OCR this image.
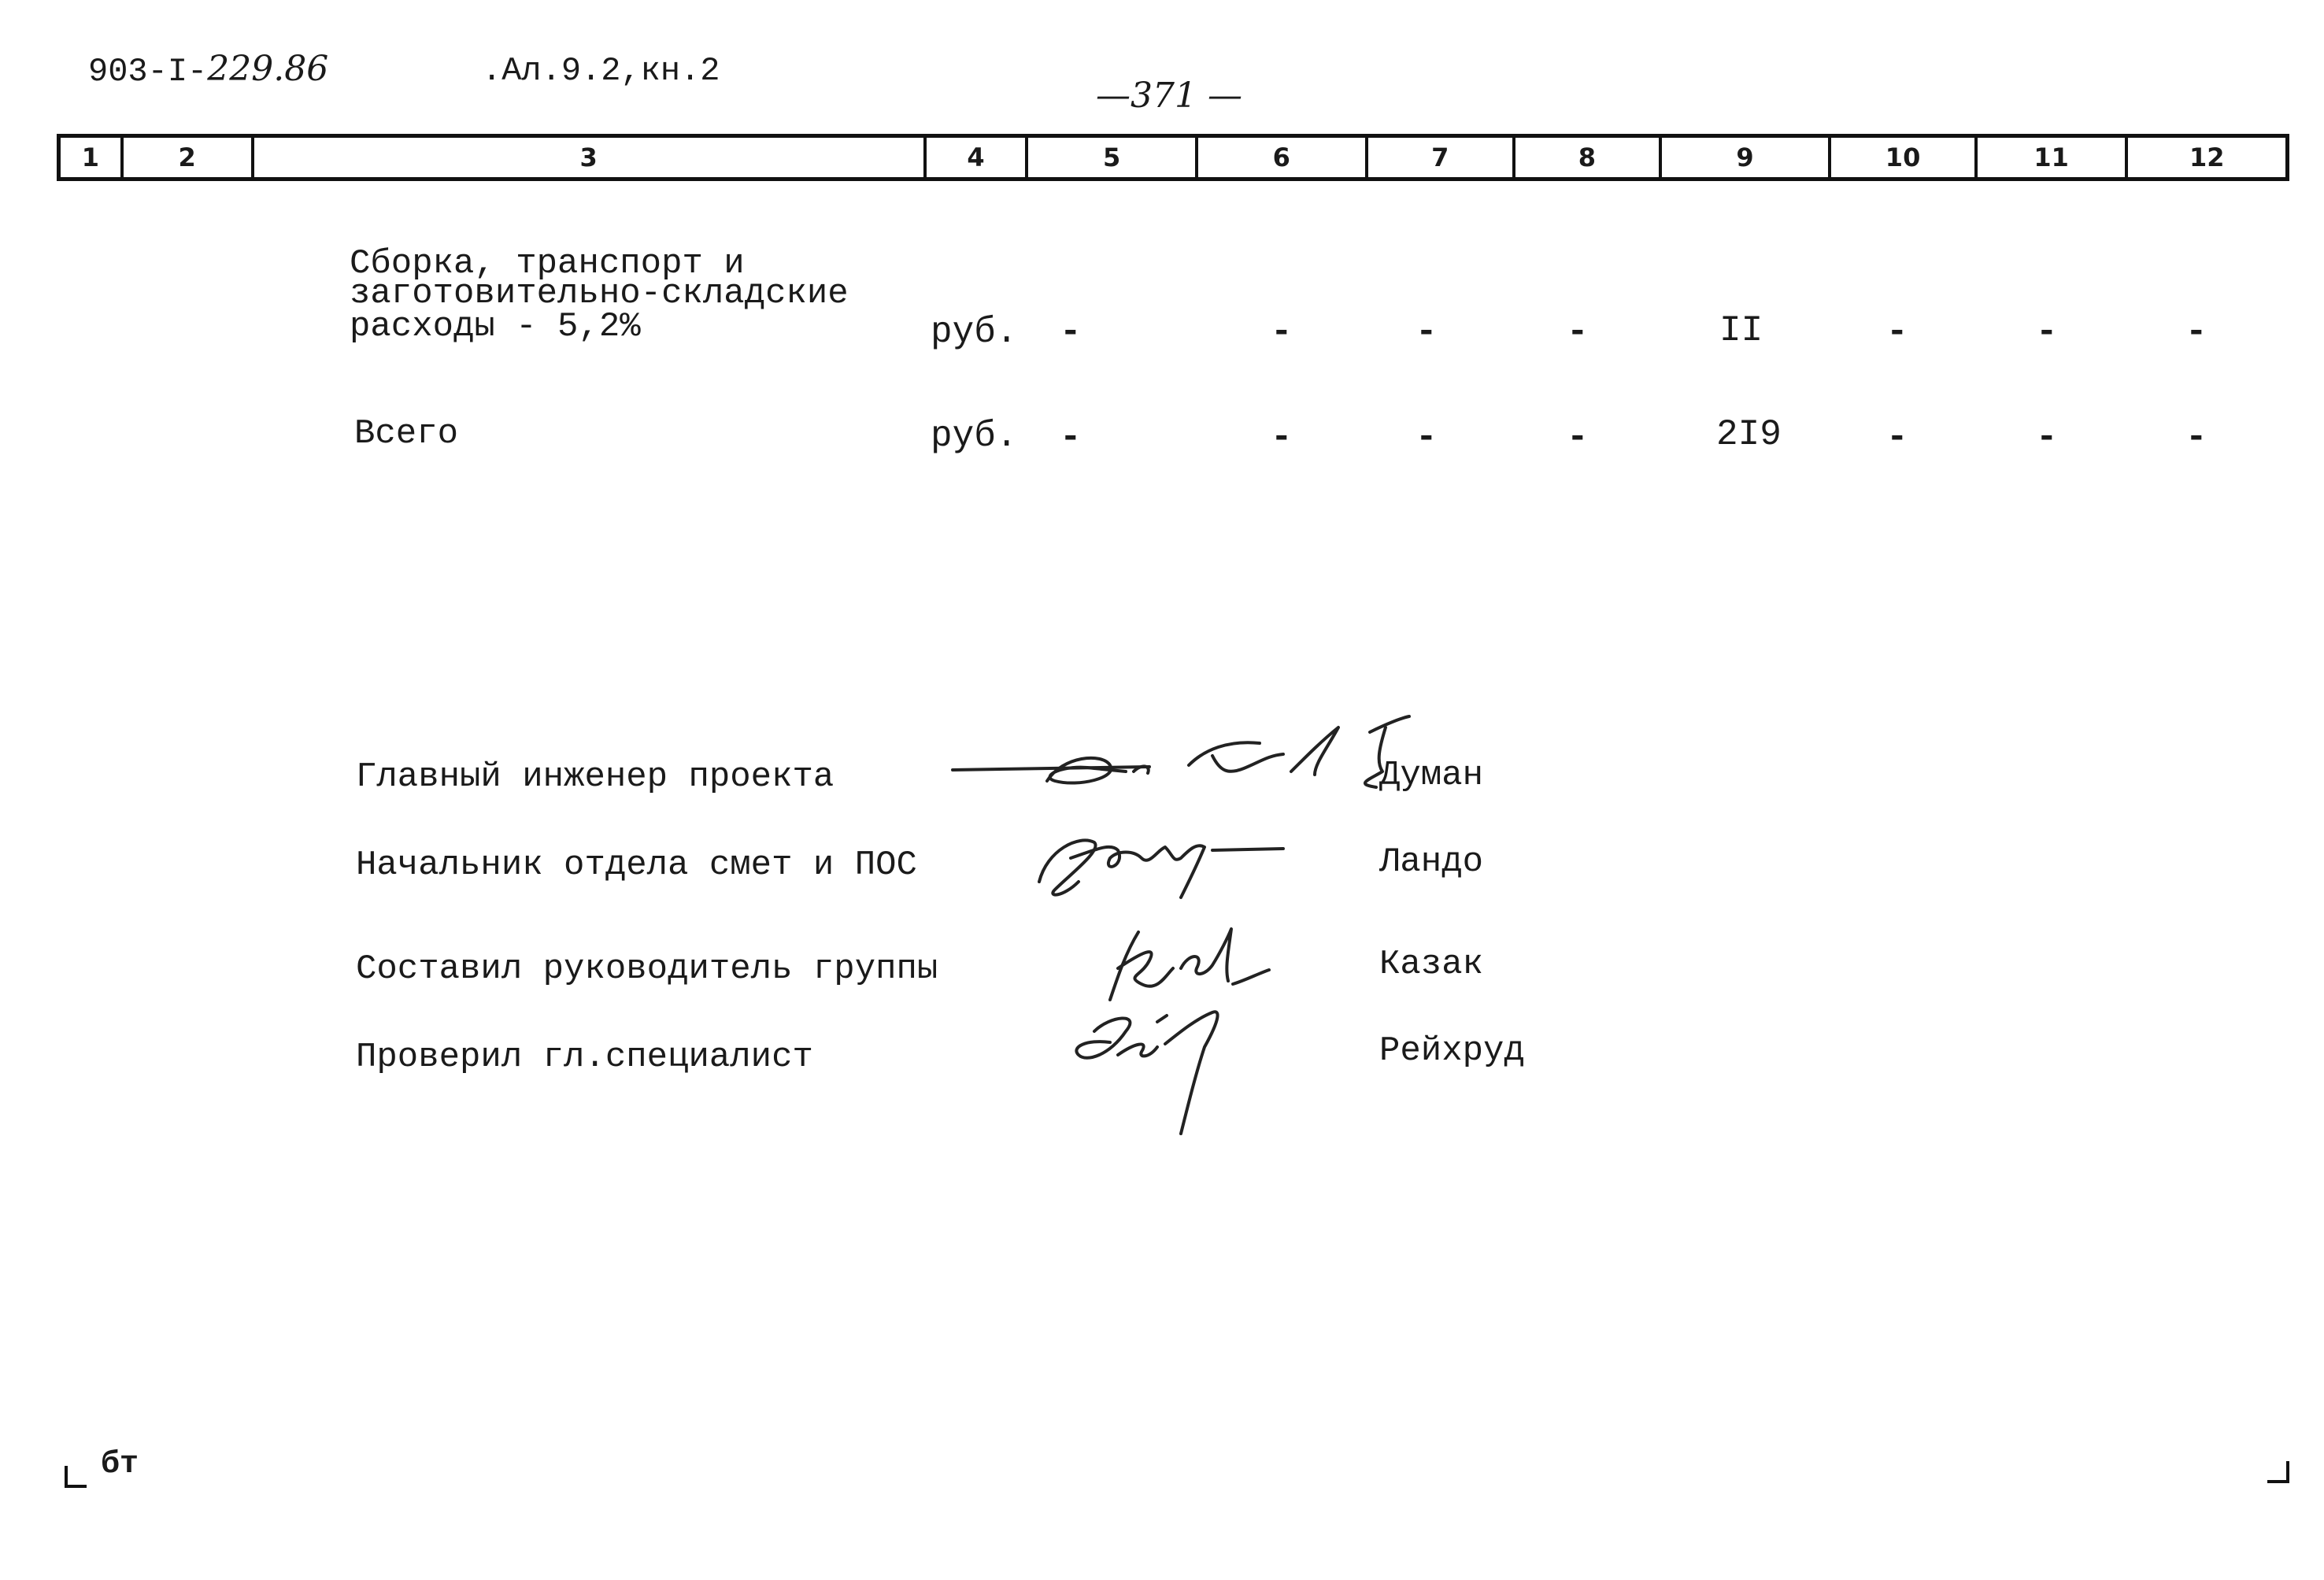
903-I-229.86	.Ал.9.2,кн.2
—371 —
1	2	3	4	5	6	7	8	9	10	11	12
Сборка, транспорт и
заготовительно-складские
расходы - 5,2%	руб. -	-	-	-	II	-	-	-
Всего	руб. -	-	-	-	2I9	-	-	-
Главный инженер проекта	Думан
Начальник отдела смет и ПОС	Ландо
Составил руководитель группы	Казак
Проверил гл.специалист	Рейхруд
бт
